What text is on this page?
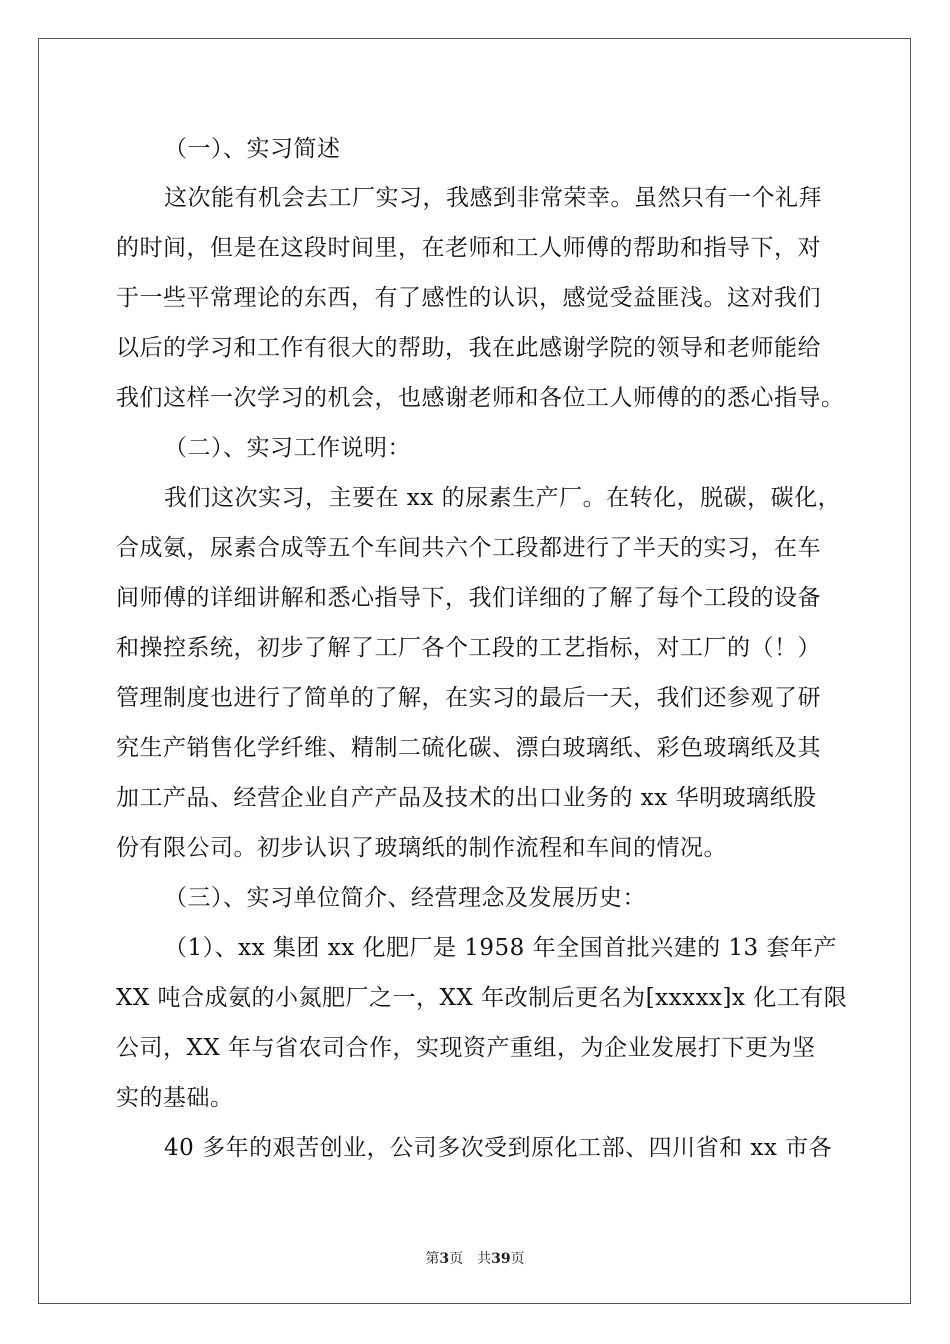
（一）、实习简述
这次能有机会去工厂实习，我感到非常荣幸。虽然只有一个礼拜
的时间，但是在这段时间里，在老师和工人师傅的帮助和指导下，对
于一些平常理论的东西，有了感性的认识，感觉受益匪浅。这对我们
以后的学习和工作有很大的帮助，我在此感谢学院的领导和老师能给
我们这样一次学习的机会，也感谢老师和各位工人师傅的的悉心指导。
（二）、实习工作说明：
我们这次实习，主要在 xx 的尿素生产厂。在转化，脱碳，碳化，
合成氨，尿素合成等五个车间共六个工段都进行了半天的实习，在车
间师傅的详细讲解和悉心指导下，我们详细的了解了每个工段的设备
和操控系统，初步了解了工厂各个工段的工艺指标，对工厂的（！）
管理制度也进行了简单的了解，在实习的最后一天，我们还参观了研
究生产销售化学纤维、精制二硫化碳、漂白玻璃纸、彩色玻璃纸及其
加工产品、经营企业自产产品及技术的出口业务的 xx 华明玻璃纸股
份有限公司。初步认识了玻璃纸的制作流程和车间的情况。
（三）、实习单位简介、经营理念及发展历史：
（1）、xx 集团 xx 化肥厂是 1958 年全国首批兴建的 13 套年产
XX 吨合成氨的小氮肥厂之一，XX 年改制后更名为[xxxxx]x 化工有限
公司，XX 年与省农司合作，实现资产重组，为企业发展打下更为坚
实的基础。
40 多年的艰苦创业，公司多次受到原化工部、四川省和 xx 市各
第3页　共39页
